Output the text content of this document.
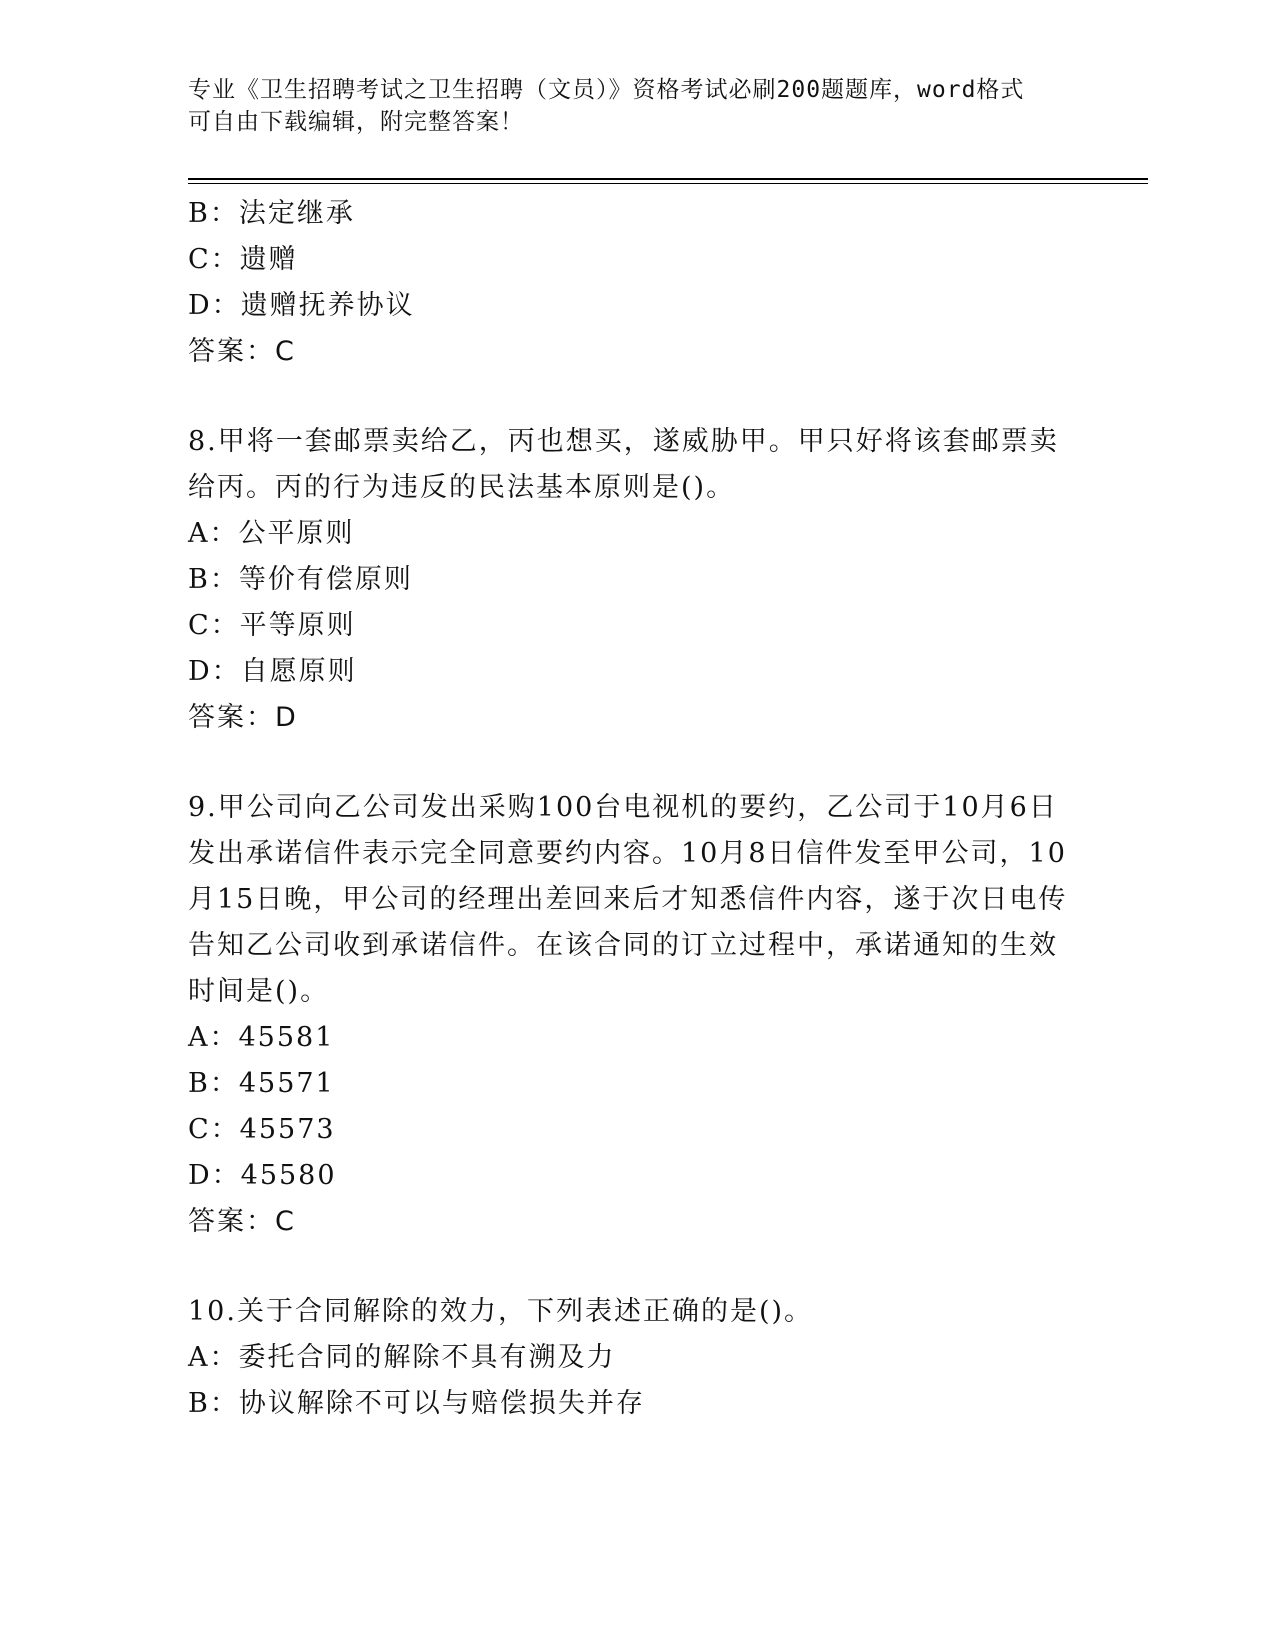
专业《卫生招聘考试之卫生招聘（文员）》资格考试必刷200题题库，word格式
可自由下载编辑，附完整答案！
B：法定继承
C：遗赠
D：遗赠抚养协议
答案：C
8.甲将一套邮票卖给乙，丙也想买，遂威胁甲。甲只好将该套邮票卖
给丙。丙的行为违反的民法基本原则是()。
A：公平原则
B：等价有偿原则
C：平等原则
D：自愿原则
答案：D
9.甲公司向乙公司发出采购100台电视机的要约，乙公司于10月6日
发出承诺信件表示完全同意要约内容。10月8日信件发至甲公司，10
月15日晚，甲公司的经理出差回来后才知悉信件内容，遂于次日电传
告知乙公司收到承诺信件。在该合同的订立过程中，承诺通知的生效
时间是()。
A：45581
B：45571
C：45573
D：45580
答案：C
10.关于合同解除的效力，下列表述正确的是()。
A：委托合同的解除不具有溯及力
B：协议解除不可以与赔偿损失并存
